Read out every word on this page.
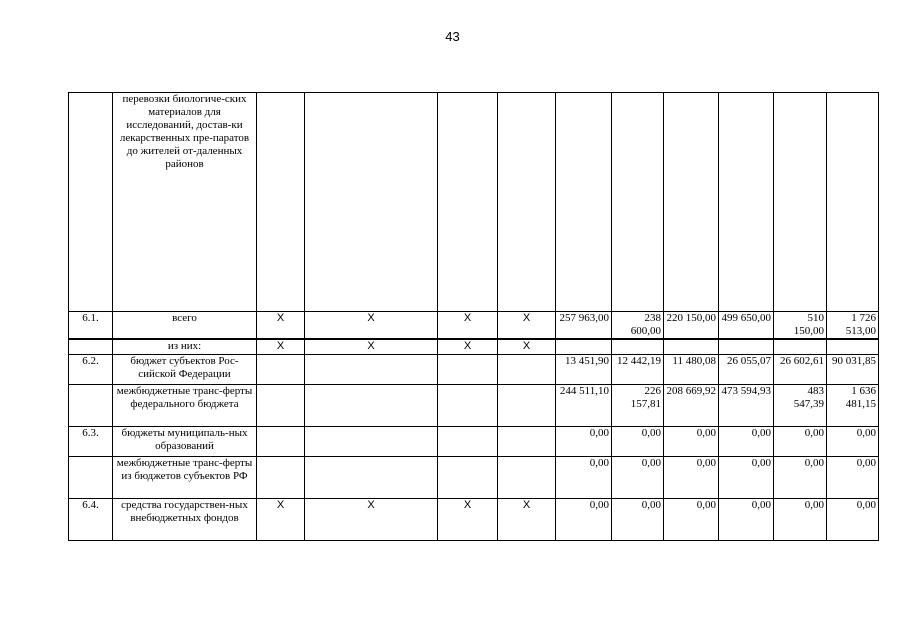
43
	перевозки биологиче-ских материалов для исследований, достав-ки лекарственных пре-паратов до жителей от-даленных районов										
6.1.	всего	X	X	X	X	257 963,00	238 600,00	220 150,00	499 650,00	510 150,00	1 726 513,00
	из них:	X	X	X	X						
6.2.	бюджет субъектов Рос-сийской Федерации					13 451,90	12 442,19	11 480,08	26 055,07	26 602,61	90 031,85
	межбюджетные транс-ферты федерального бюджета					244 511,10	226 157,81	208 669,92	473 594,93	483 547,39	1 636 481,15
6.3.	бюджеты муниципаль-ных образований					0,00	0,00	0,00	0,00	0,00	0,00
	межбюджетные транс-ферты из бюджетов субъектов РФ					0,00	0,00	0,00	0,00	0,00	0,00
6.4.	средства государствен-ных внебюджетных фондов	X	X	X	X	0,00	0,00	0,00	0,00	0,00	0,00
